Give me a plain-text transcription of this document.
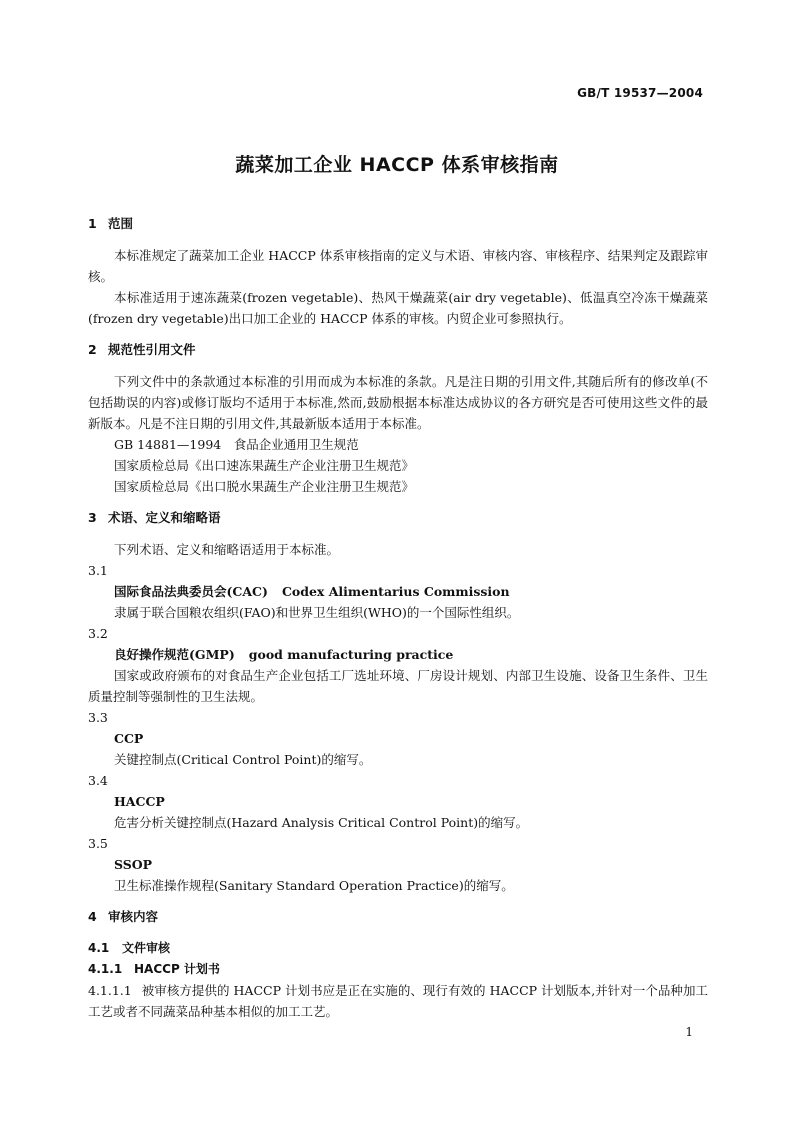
GB/T 19537—2004
蔬菜加工企业 HACCP 体系审核指南
1 范围

本标准规定了蔬菜加工企业 HACCP 体系审核指南的定义与术语、审核内容、审核程序、结果判定及跟踪审核。

本标准适用于速冻蔬菜(frozen vegetable)、热风干燥蔬菜(air dry vegetable)、低温真空冷冻干燥蔬菜(frozen dry vegetable)出口加工企业的 HACCP 体系的审核。内贸企业可参照执行。

2 规范性引用文件

下列文件中的条款通过本标准的引用而成为本标准的条款。凡是注日期的引用文件,其随后所有的修改单(不包括勘误的内容)或修订版均不适用于本标准,然而,鼓励根据本标准达成协议的各方研究是否可使用这些文件的最新版本。凡是不注日期的引用文件,其最新版本适用于本标准。

GB 14881—1994　食品企业通用卫生规范

国家质检总局《出口速冻果蔬生产企业注册卫生规范》

国家质检总局《出口脱水果蔬生产企业注册卫生规范》

3 术语、定义和缩略语

下列术语、定义和缩略语适用于本标准。

3.1

国际食品法典委员会(CAC) Codex Alimentarius Commission

隶属于联合国粮农组织(FAO)和世界卫生组织(WHO)的一个国际性组织。

3.2

良好操作规范(GMP) good manufacturing practice

国家或政府颁布的对食品生产企业包括工厂选址环境、厂房设计规划、内部卫生设施、设备卫生条件、卫生质量控制等强制性的卫生法规。

3.3

CCP

关键控制点(Critical Control Point)的缩写。

3.4

HACCP

危害分析关键控制点(Hazard Analysis Critical Control Point)的缩写。

3.5

SSOP

卫生标准操作规程(Sanitary Standard Operation Practice)的缩写。

4 审核内容

4.1 文件审核

4.1.1 HACCP 计划书

4.1.1.1 被审核方提供的 HACCP 计划书应是正在实施的、现行有效的 HACCP 计划版本,并针对一个品种加工工艺或者不同蔬菜品种基本相似的加工工艺。

1
